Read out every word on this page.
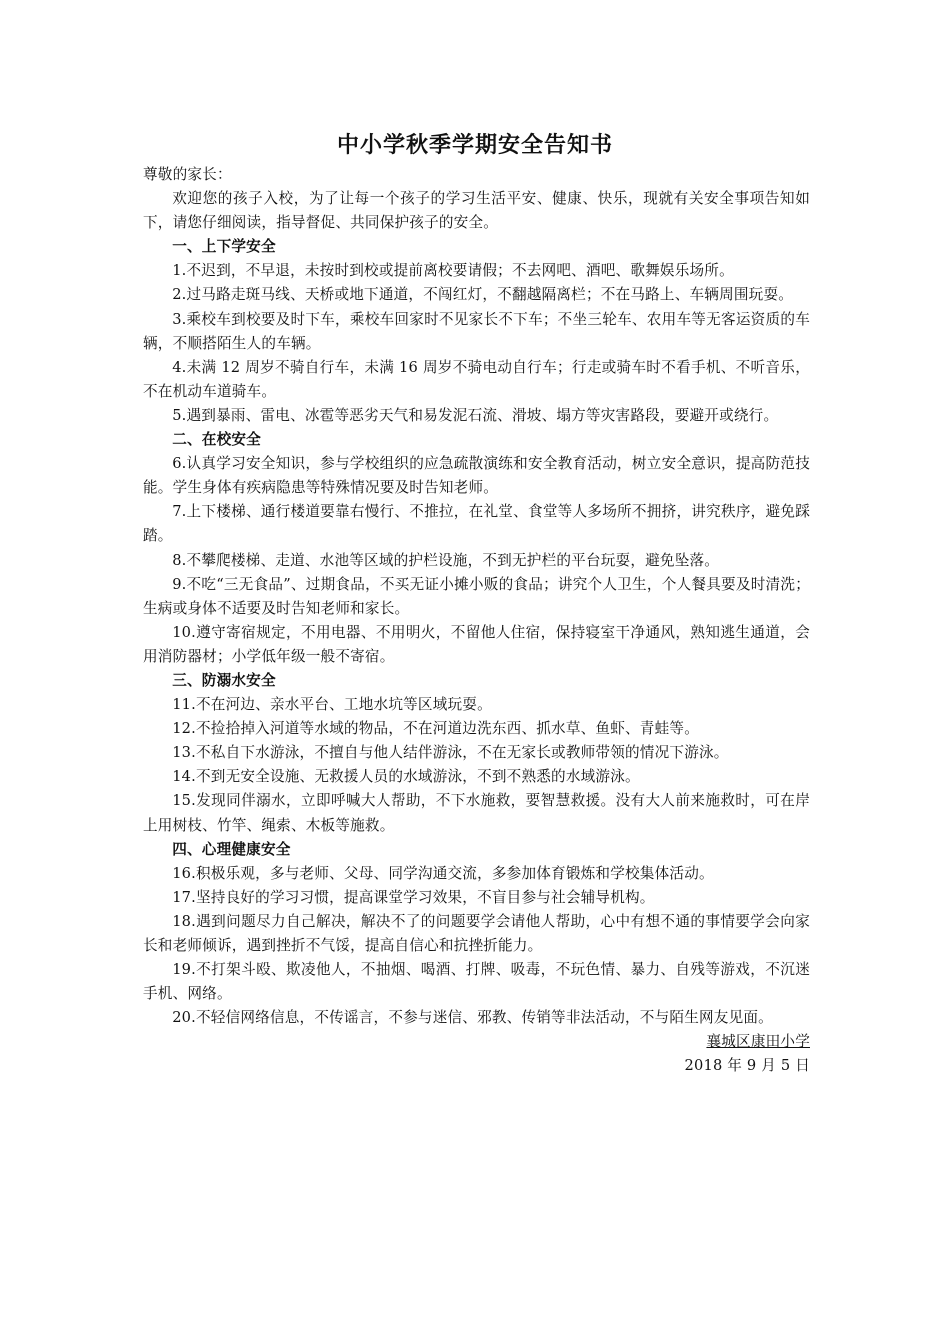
中小学秋季学期安全告知书

尊敬的家长：

欢迎您的孩子入校，为了让每一个孩子的学习生活平安、健康、快乐，现就有关安全事项告知如下，请您仔细阅读，指导督促、共同保护孩子的安全。

一、上下学安全

1.不迟到，不早退，未按时到校或提前离校要请假；不去网吧、酒吧、歌舞娱乐场所。

2.过马路走斑马线、天桥或地下通道，不闯红灯，不翻越隔离栏；不在马路上、车辆周围玩耍。

3.乘校车到校要及时下车，乘校车回家时不见家长不下车；不坐三轮车、农用车等无客运资质的车辆，不顺搭陌生人的车辆。

4.未满 12 周岁不骑自行车，未满 16 周岁不骑电动自行车；行走或骑车时不看手机、不听音乐，不在机动车道骑车。

5.遇到暴雨、雷电、冰雹等恶劣天气和易发泥石流、滑坡、塌方等灾害路段，要避开或绕行。

二、在校安全

6.认真学习安全知识，参与学校组织的应急疏散演练和安全教育活动，树立安全意识，提高防范技能。学生身体有疾病隐患等特殊情况要及时告知老师。

7.上下楼梯、通行楼道要靠右慢行、不推拉，在礼堂、食堂等人多场所不拥挤，讲究秩序，避免踩踏。

8.不攀爬楼梯、走道、水池等区域的护栏设施，不到无护栏的平台玩耍，避免坠落。

9.不吃“三无食品”、过期食品，不买无证小摊小贩的食品；讲究个人卫生，个人餐具要及时清洗；生病或身体不适要及时告知老师和家长。

10.遵守寄宿规定，不用电器、不用明火，不留他人住宿，保持寝室干净通风，熟知逃生通道，会用消防器材；小学低年级一般不寄宿。

三、防溺水安全

11.不在河边、亲水平台、工地水坑等区域玩耍。

12.不捡拾掉入河道等水域的物品，不在河道边洗东西、抓水草、鱼虾、青蛙等。

13.不私自下水游泳，不擅自与他人结伴游泳，不在无家长或教师带领的情况下游泳。

14.不到无安全设施、无救援人员的水域游泳，不到不熟悉的水域游泳。

15.发现同伴溺水，立即呼喊大人帮助，不下水施救，要智慧救援。没有大人前来施救时，可在岸上用树枝、竹竿、绳索、木板等施救。

四、心理健康安全

16.积极乐观，多与老师、父母、同学沟通交流，多参加体育锻炼和学校集体活动。

17.坚持良好的学习习惯，提高课堂学习效果，不盲目参与社会辅导机构。

18.遇到问题尽力自己解决，解决不了的问题要学会请他人帮助，心中有想不通的事情要学会向家长和老师倾诉，遇到挫折不气馁，提高自信心和抗挫折能力。

19.不打架斗殴、欺凌他人，不抽烟、喝酒、打牌、吸毒，不玩色情、暴力、自残等游戏，不沉迷手机、网络。

20.不轻信网络信息，不传谣言，不参与迷信、邪教、传销等非法活动，不与陌生网友见面。

襄城区康田小学

2018 年 9 月 5 日
